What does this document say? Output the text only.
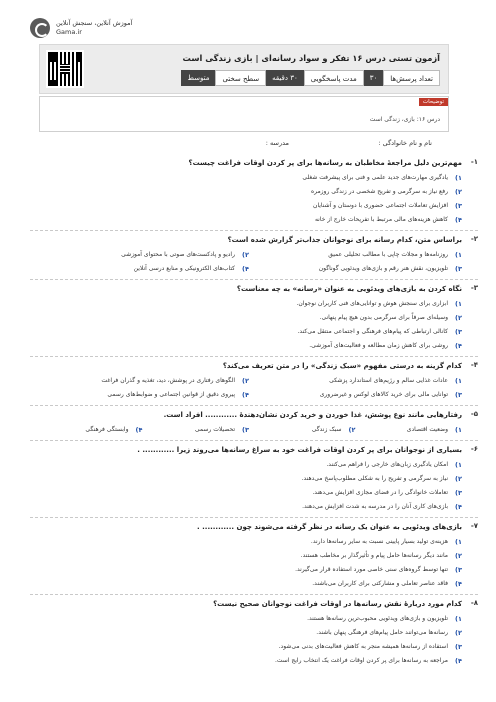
آموزش آنلاین، سنجش آنلاین
Gama.ir
آزمون تستی درس ۱۶ تفکر و سواد رسانه‌ای | بازی زندگی است
تعداد پرسش‌ها
۳۰
مدت پاسخگویی
۳۰ دقیقه
سطح سختی
متوسط
توضیحات
درس ۱۶: بازی، زندگی است
نام و نام خانوادگی :
مدرسه :
۱-
مهم‌ترین دلیل مراجعهٔ مخاطبان به رسانه‌ها برای پر کردن اوقات فراغت چیست؟
۱)
یادگیری مهارت‌های جدید علمی و فنی برای پیشرفت شغلی
۲)
رفع نیاز به سرگرمی و تفریح شخصی در زندگی روزمره
۳)
افزایش تعاملات اجتماعی حضوری با دوستان و آشنایان
۴)
کاهش هزینه‌های مالی مرتبط با تفریحات خارج از خانه
۲-
براساس متن، کدام رسانه برای نوجوانان جذاب‌تر گزارش شده است؟
۱)
روزنامه‌ها و مجلات چاپی با مطالب تحلیلی عمیق
۲)
رادیو و پادکست‌های صوتی با محتوای آموزشی
۳)
تلویزیون، نقش هنر رقم و بازی‌های ویدئویی گوناگون
۴)
کتاب‌های الکترونیکی و منابع درسی آنلاین
۳-
نگاه کردن به بازی‌های ویدئویی به عنوان «رسانه» به چه معناست؟
۱)
ابزاری برای سنجش هوش و توانایی‌های فنی کاربران نوجوان.
۲)
وسیله‌ای صرفاً برای سرگرمی بدون هیچ پیام پنهانی.
۳)
کانالی ارتباطی که پیام‌های فرهنگی و اجتماعی منتقل می‌کند.
۴)
روشی برای کاهش زمان مطالعه و فعالیت‌های آموزشی.
۴-
کدام گزینه به درستی مفهوم «سبک زندگی» را در متن تعریف می‌کند؟
۱)
عادات غذایی سالم و رژیم‌های استاندارد پزشکی
۲)
الگوهای رفتاری در پوشش، دید، تغذیه و گذران فراغت
۳)
توانایی مالی برای خرید کالاهای لوکس و غیرضروری
۴)
پیروی دقیق از قوانین اجتماعی و ضوابط‌های رسمی
۵-
رفتارهایی مانند نوع پوشش، غذا خوردن و خرید کردن نشان‌دهندهٔ ............ افراد است.
۱)
وضعیت اقتصادی
۲)
سبک زندگی
۳)
تحصیلات رسمی
۴)
وابستگی فرهنگی
۶-
بسیاری از نوجوانان برای پر کردن اوقات فراغت خود به سراغ رسانه‌ها می‌روند زیرا ............ .
۱)
امکان یادگیری زبان‌های خارجی را فراهم می‌کنند.
۲)
نیاز به سرگرمی و تفریح را به شکلی مطلوب‌پاسخ می‌دهند.
۳)
تعاملات خانوادگی را در فضای مجازی افزایش می‌دهند.
۴)
بازی‌های کاری آنان را در مدرسه به شدت افزایش می‌دهند.
۷-
بازی‌های ویدئویی به عنوان یک رسانه در نظر گرفته می‌شوند چون ............ .
۱)
هزینه‌ی تولید بسیار پایینی نسبت به سایر رسانه‌ها دارند.
۲)
مانند دیگر رسانه‌ها حامل پیام و تأثیرگذار بر مخاطب هستند.
۳)
تنها توسط گروه‌های سنی خاصی مورد استفاده قرار می‌گیرند.
۴)
فاقد عناصر تعاملی و مشارکتی برای کاربران می‌باشند.
۸-
کدام مورد دربارهٔ نقش رسانه‌ها در اوقات فراغت نوجوانان صحیح نیست؟
۱)
تلویزیون و بازی‌های ویدئویی محبوب‌ترین رسانه‌ها هستند.
۲)
رسانه‌ها می‌توانند حامل پیام‌های فرهنگی پنهان باشند.
۳)
استفاده از رسانه‌ها همیشه منجر به کاهش فعالیت‌های بدنی می‌شود.
۴)
مراجعه به رسانه‌ها برای پر کردن اوقات فراغت یک انتخاب رایج است.
